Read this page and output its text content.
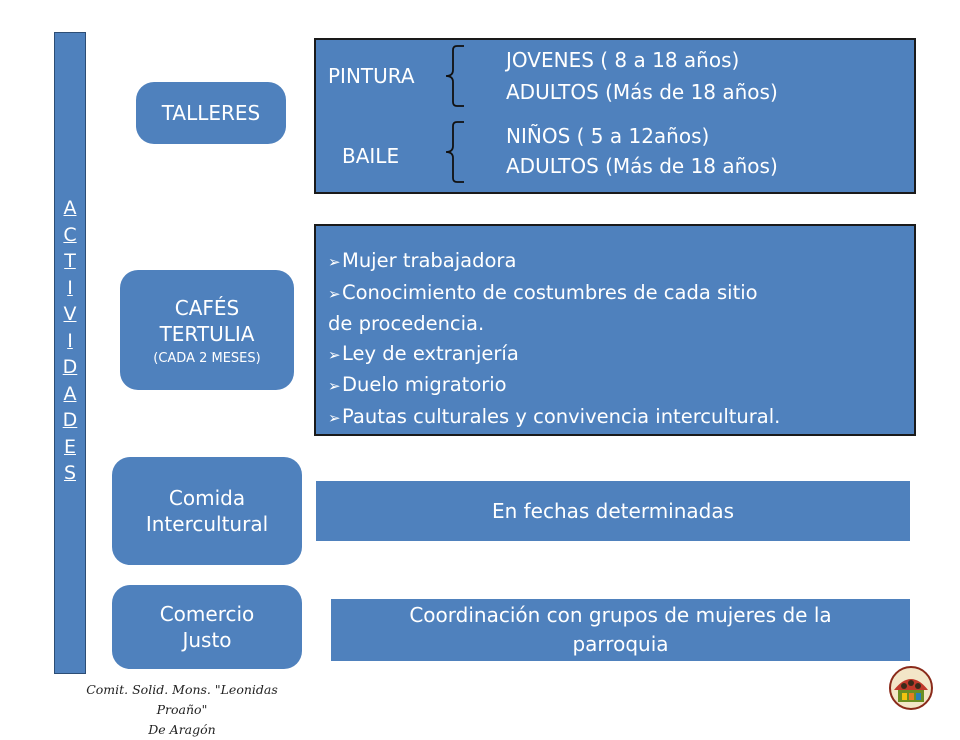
A
C
T
I
V
I
D
A
D
E
S
TALLERES
CAFÉS
TERTULIA
(CADA 2 MESES)
Comida
Intercultural
Comercio
Justo
PINTURA
JOVENES ( 8 a 18 años)
ADULTOS (Más de 18 años)
BAILE
NIÑOS ( 5 a 12años)
ADULTOS (Más de 18 años)
➢Mujer trabajadora
➢Conocimiento de costumbres de cada sitio
de procedencia.
➢Ley de extranjería
➢Duelo migratorio
➢Pautas culturales y convivencia intercultural.
En fechas determinadas
Coordinación con grupos de mujeres de la
parroquia
Comit. Solid. Mons. "Leonidas Proaño"
De Aragón
